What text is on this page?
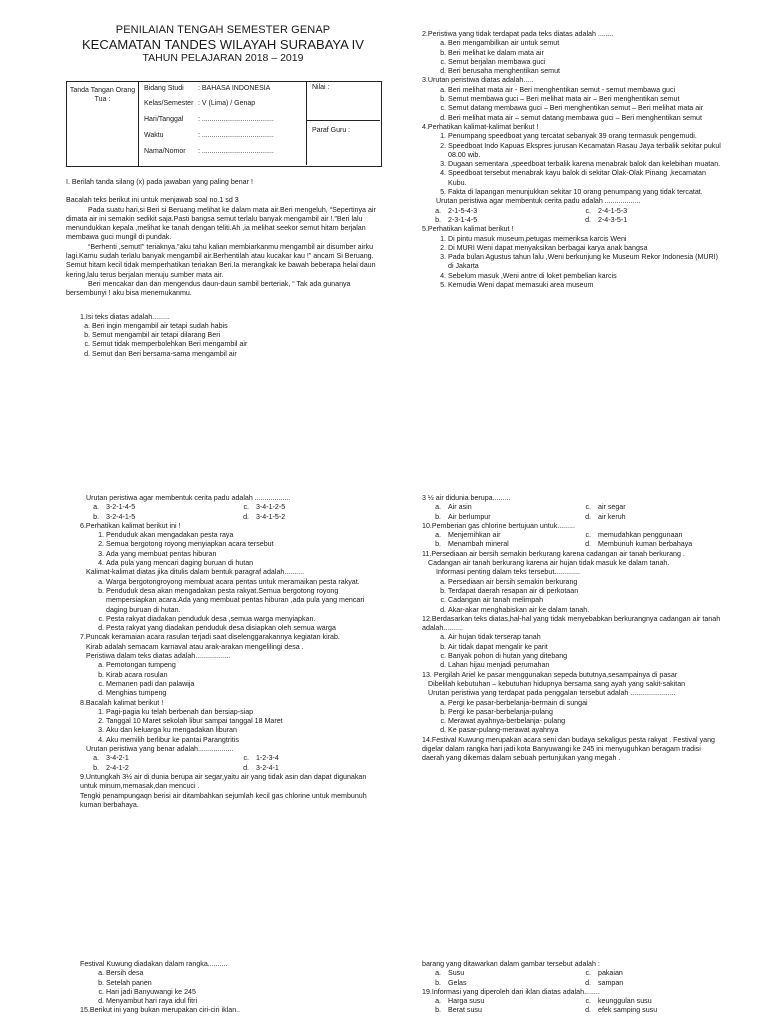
PENILAIAN TENGAH SEMESTER GENAP
KECAMATAN TANDES WILAYAH SURABAYA IV
TAHUN PELAJARAN 2018 – 2019
Tanda Tangan Orang Tua :
Bidang Studi : BAHASA INDONESIA
Kelas/Semester : V (Lima) / Genap
Hari/Tanggal : .....................................
Waktu	: .....................................
Nama/Nomor : .....................................
Nilai :
Paraf Guru :

I. Berilah tanda silang (x) pada jawaban yang paling benar !

Bacalah teks berikut ini untuk menjawab soal no.1 sd 3

Pada suatu hari,si Beri si Beruang melihat ke dalam mata air.Beri mengeluh, “Sepertinya air dimata air ini semakin sedikit saja.Pasti bangsa semut terlalu banyak mengambil air !.”Beri lalu menundukkan kepala ,melihat ke tanah dengan teliti.Ah ,ia melihat seekor semut hitam berjalan membawa guci mungil di pundak.

“Berhenti ,semut!” teriaknya.”aku tahu kalian membiarkanmu mengambil air disumber airku lagi.Kamu sudah terlalu banyak mengambil air.Berhentilah atau kucakar kau !” ancam Si Beruang.

Semut hitam kecil tidak memperhatikan teriakan Beri.Ia merangkak ke bawah beberapa helai daun kering,lalu terus berjalan menuju sumber mata air.

Beri mencakar dan dan mengendus daun-daun sambil berteriak, “ Tak ada gunanya bersembunyi ! aku bisa menemukanmu.

1.Isi teks diatas adalah.........

a. Beri ingin mengambil air tetapi sudah habis
b. Semut mengambil air tetapi dilarang Beri
c. Semut tidak memperbolehkan Beri mengambil air
d. Semut dan Beri bersama-sama mengambil air

2.Peristiwa yang tidak terdapat pada teks diatas adalah ........

a. Beri mengambilkan air untuk semut
b. Beri melihat ke dalam mata air
c. Semut berjalan membawa guci
d. Beri berusaha menghentikan semut

3.Urutan peristiwa diatas adalah.....

a. Beri melihat mata air - Beri menghentikan semut - semut membawa guci
b. Semut membawa guci – Beri melihat mata air – Beri menghentikan semut
c. Semut datang membawa guci – Beri menghentikan semut – Beri melihat mata air
d. Beri melihat mata air – semut datang membawa guci – Beri menghentikan semut

4.Perhatikan kalimat-kalimat berikut !

1. Penumpang speedboat yang tercatat sebanyak 39 orang termasuk pengemudi.
2. Speedboat Indo Kapuas Ekspres jurusan Kecamatan Rasau Jaya terbalik sekitar pukul 08.00 wib.
3. Dugaan sementara ,speedboat terbalik karena menabrak balok dan kelebihan muatan.
4. Speedboat tersebut menabrak kayu balok di sekitar Olak-Olak Pinang ,kecamatan Kubu.
5. Fakta di lapangan menunjukkan sekitar 10 orang penumpang yang tidak tercatat.

Urutan peristiwa agar membentuk cerita padu adalah ..................

a. 2-1-5-4-3	c. 2-4-1-5-3
b. 2-3-1-4-5	d. 2-4-3-5-1

5.Perhatikan kalimat berikut !

1. Di pintu masuk museum,petugas memeriksa karcis Weni
2. Di MURI Weni dapat menyaksikan berbagai karya anak bangsa
3. Pada bulan Agustus tahun lalu ,Weni berkunjung ke Museum Rekor Indonesia (MURI) di Jakarta
4. Sebelum masuk ,Weni antre di loket pembelian karcis
5. Kemudia Weni dapat memasuki area museum

Urutan peristiwa agar membentuk cerita padu adalah ..................

a. 3-2-1-4-5	c. 3-4-1-2-5
b. 3-2-4-1-5	d. 3-4-1-5-2

6.Perhatikan kalimat berikut ini !

1. Penduduk akan mengadakan pesta raya
2. Semua bergotong royong menyiapkan acara tersebut
3. Ada yang membuat pentas hiburan
4. Ada pula yang mencari daging buruan di hutan

Kalimat-kalimat diatas jika ditulis dalam bentuk paragraf adalah..........

a. Warga bergotongroyong membuat acara pentas untuk meramaikan pesta rakyat.
b. Penduduk desa akan mengadakan pesta rakyat.Semua bergotong royong mempersiapkan acara.Ada yang membuat pentas hiburan ,ada pula yang mencari daging buruan di hutan.
c. Pesta rakyat diadakan penduduk desa ,semua warga menyiapkan.
d. Pesta rakyat yang diadakan penduduk desa disiapkan oleh semua warga

7.Puncak keramaian acara rasulan terjadi saat diselenggarakannya kegiatan kirab.

Kirab adalah semacam karnaval atau arak-arakan mengelilingi desa .

Peristiwa dalam teks diatas adalah..................

a. Pemotongan tumpeng
b. Kirab acara rosulan
c. Memanen padi dan palawija
d. Menghias tumpeng

8.Bacalah kalimat berikut !

1. Pagi-pagia ku telah berbenah dan bersiap-siap
2. Tanggal 10 Maret sekolah libur sampai tanggal 18 Maret
3. Aku dan keluarga ku mengadakan liburan
4. Aku memilih berlibur ke pantai Parangtritis

Urutan peristiwa yang benar adalah..................

a. 3-4-2-1	c. 1-2-3-4
b. 2-4-1-2	d. 3-2-4-1

9.Untungkah 3½ air di dunia berupa air segar,yaitu air yang tidak asin dan dapat digunakan untuk minum,memasak,dan mencuci .

Tengki penampungaqn berisi air ditambahkan sejumlah kecil gas chlorine untuk membunuh kuman berbahaya.

3 ½ air didunia berupa.........

a. Air asin	c. air segar
b. Air berlumpur	d. air keruh

10.Pemberian gas chlorine bertujuan untuk.........

a. Menjernihkan air	c. memudahkan penggunaan
b. Menambah mineral	d. Membunuh kuman berbahaya

11.Persediaan air bersih semakin berkurang karena cadangan air tanah berkurang .

Cadangan air tanah berkurang karena air hujan tidak masuk ke dalam tanah.

Informasi penting dalam teks tersebut.............

a. Persediaan air bersih semakin berkurang
b. Terdapat daerah resapan air di perkotaan
c. Cadangan air tanah melimpah
d. Akar-akar menghabiskan air ke dalam tanah.

12.Berdasarkan teks diatas,hal-hal yang tidak menyebabkan berkurangnya cadangan air tanah adalah..........

a. Air hujan tidak terserap tanah
b. Air tidak dapat mengalir ke parit
c. Banyak pohon di hutan yang ditebang
d. Lahan hijau menjadi perumahan

13. Pergilah Ariel ke pasar menggunakan sepeda bututnya,sesampainya di pasar

Dibelilah kebutuhan – kebutuhan hidupnya bersama sang ayah yang sakit-sakitan

Urutan peristiwa yang terdapat pada penggalan tersebut adalah .......................

a. Pergi ke pasar-berbelanja-bermain di sungai
b. Pergi ke pasar-berbelanja-pulang
c. Merawat ayahnya-berbelanja- pulang
d. Ke pasar-pulang-merawat ayahnya

14.Festival Kuwung merupakan acara seni dan budaya sekaligus pesta rakyat . Festival yang digelar dalam rangka hari jadi kota Banyuwangi ke 245 ini menyuguhkan beragam tradisi daerah yang dikemas dalam sebuah pertunjukan yang megah .

Festival Kuwung diadakan dalam rangka..........

a. Bersih desa
b. Setelah panen
c. Hari jadi Banyuwangi ke 245
d. Menyambut hari raya idul fitri

15.Berikut ini yang bukan merupakan ciri-ciri iklan..

barang yang ditawarkan dalam gambar tersebut adalah :

a. Susu	c. pakaian
b. Gelas	d. sampan

19.Informasi yang diperoleh dari iklan diatas adalah........

a. Harga susu	c. keunggulan susu
b. Berat susu	d. efek samping susu
